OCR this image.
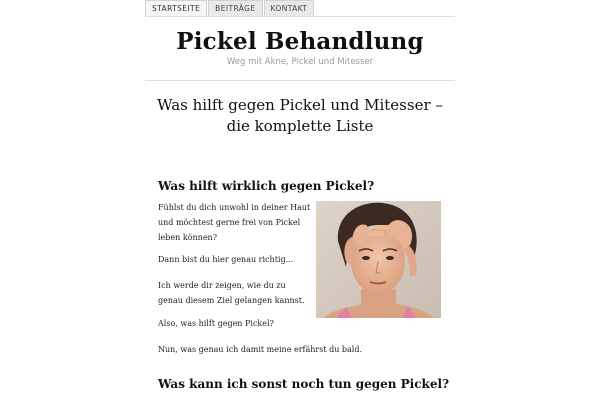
STARTSEITE	BEITRÄGE	KONTAKT
Pickel Behandlung
Weg mit Akne, Pickel und Mitesser
Was hilft gegen Pickel und Mitesser – die komplette Liste
Was hilft wirklich gegen Pickel?

Fühlst du dich unwohl in deiner Haut und möchtest gerne frei von Pickel leben können?

Dann bist du hier genau richtig...

Ich werde dir zeigen, wie du zu genau diesem Ziel gelangen kannst.

Also, was hilft gegen Pickel?

Nun, was genau ich damit meine erfährst du bald.

Was kann ich sonst noch tun gegen Pickel?
